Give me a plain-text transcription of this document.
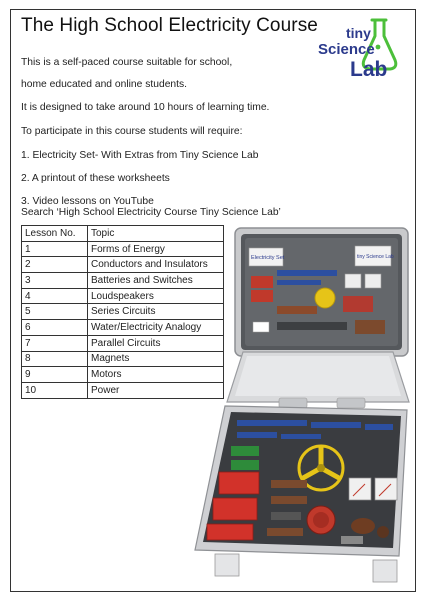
The High School Electricity Course tiny
Science
Lab
This is a self-paced course suitable for school,
home educated and online students.
It is designed to take around 10 hours of learning time.
To participate in this course students will require:
1. Electricity Set- With Extras from Tiny Science Lab
2. A printout of these worksheets
3. Video lessons on YouTube
Search ‘High School Electricity Course Tiny Science Lab’
Lesson No.	Topic
1	Forms of Energy
2	Conductors and Insulators
3	Batteries and Switches
4	Loudspeakers
5	Series Circuits
6	Water/Electricity Analogy
7	Parallel Circuits
8	Magnets
9	Motors
10	Power
Electricity Set	tiny Science Lab
